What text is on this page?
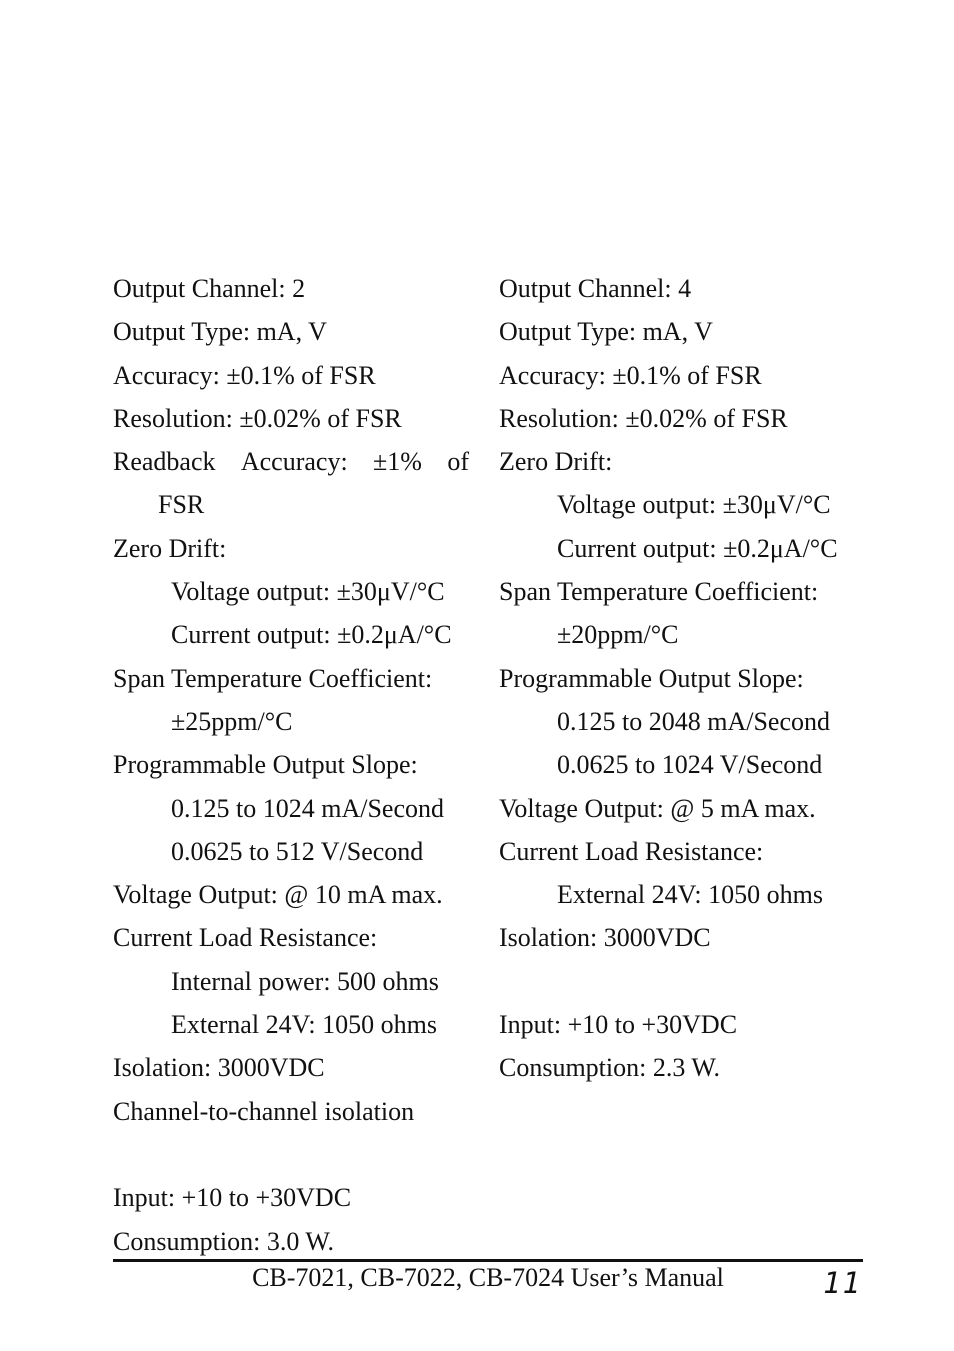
Output Channel: 2
Output Type: mA, V
Accuracy: ±0.1% of FSR
Resolution: ±0.02% of FSR
Readback Accuracy: ±1% of
FSR
Zero Drift:
Voltage output: ±30μV/°C
Current output: ±0.2μA/°C
Span Temperature Coefficient:
±25ppm/°C
Programmable Output Slope:
0.125 to 1024 mA/Second
0.0625 to 512 V/Second
Voltage Output: @ 10 mA max.
Current Load Resistance:
Internal power: 500 ohms
External 24V: 1050 ohms
Isolation: 3000VDC
Channel-to-channel isolation
Input: +10 to +30VDC
Consumption: 3.0 W.
Output Channel: 4
Output Type: mA, V
Accuracy: ±0.1% of FSR
Resolution: ±0.02% of FSR
Zero Drift:
Voltage output: ±30μV/°C
Current output: ±0.2μA/°C
Span Temperature Coefficient:
±20ppm/°C
Programmable Output Slope:
0.125 to 2048 mA/Second
0.0625 to 1024 V/Second
Voltage Output: @ 5 mA max.
Current Load Resistance:
External 24V: 1050 ohms
Isolation: 3000VDC
Input: +10 to +30VDC
Consumption: 2.3 W.
CB-7021, CB-7022, CB-7024 User’s Manual	11
